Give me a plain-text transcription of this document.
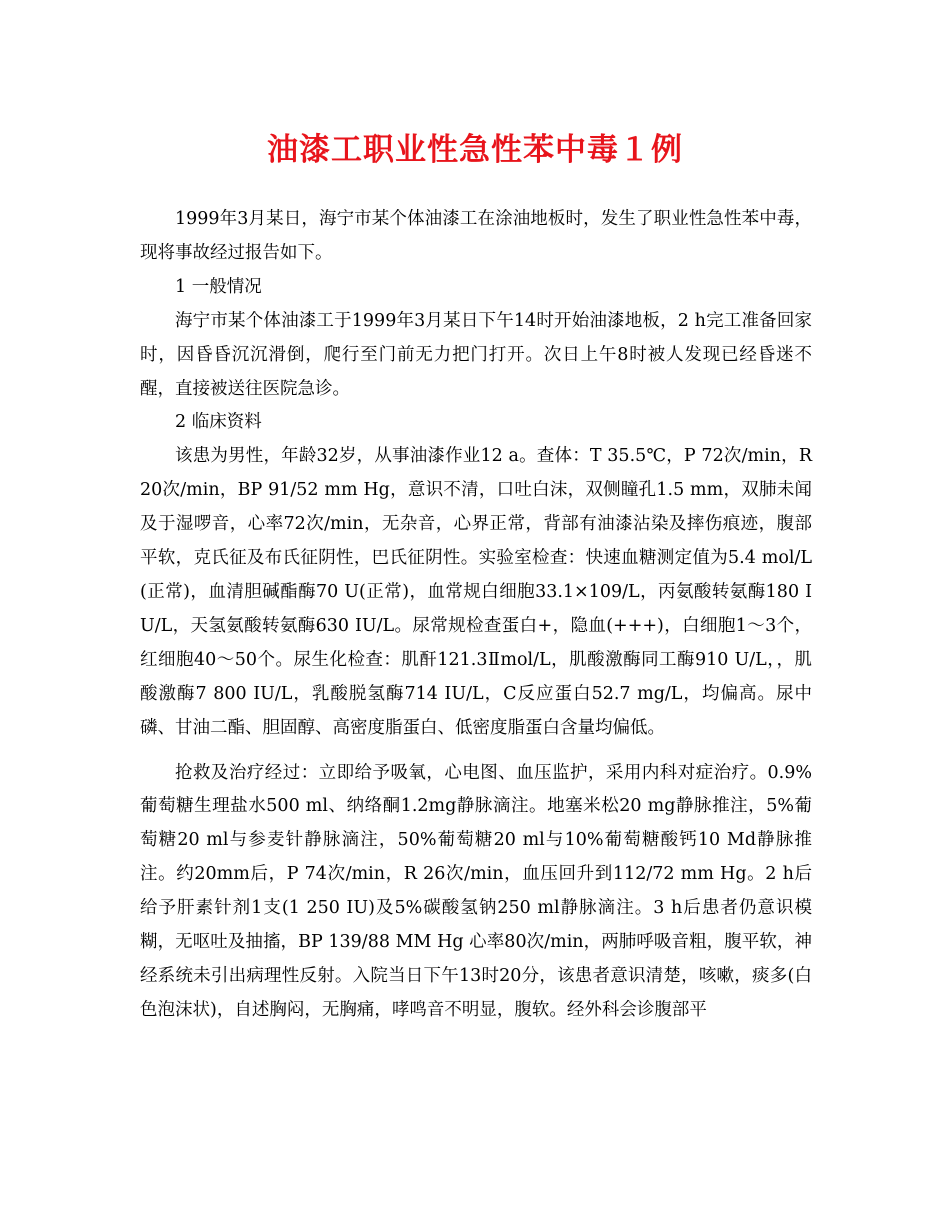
油漆工职业性急性苯中毒１例

1999年3月某日，海宁市某个体油漆工在涂油地板时，发生了职业性急性苯中毒，现将事故经过报告如下。

1 一般情况

海宁市某个体油漆工于1999年3月某日下午14时开始油漆地板，2 h完工准备回家时，因昏昏沉沉滑倒，爬行至门前无力把门打开。次日上午8时被人发现已经昏迷不醒，直接被送往医院急诊。

2 临床资料

该患为男性，年龄32岁，从事油漆作业12 a。查体：T 35.5℃，P 72次/min，R 20次/min，BP 91/52 mm Hg，意识不清，口吐白沫，双侧瞳孔1.5 mm，双肺未闻及于湿啰音，心率72次/min，无杂音，心界正常，背部有油漆沾染及摔伤痕迹，腹部平软，克氏征及布氏征阴性，巴氏征阴性。实验室检查：快速血糖测定值为5.4 mol/L(正常)，血清胆碱酯酶70 U(正常)，血常规白细胞33.1×109/L，丙氨酸转氨酶180 IU/L，天氢氨酸转氨酶630 IU/L。尿常规检查蛋白+，隐血(+++)，白细胞1～3个，红细胞40～50个。尿生化检查：肌酐121.3Ⅱmol/L，肌酸激酶同工酶910 U/L，，肌酸激酶7 800 IU/L，乳酸脱氢酶714 IU/L，C反应蛋白52.7 mg/L，均偏高。尿中磷、甘油二酯、胆固醇、高密度脂蛋白、低密度脂蛋白含量均偏低。

抢救及治疗经过：立即给予吸氧，心电图、血压监护，采用内科对症治疗。0.9%葡萄糖生理盐水500 ml、纳络酮1.2mg静脉滴注。地塞米松20 mg静脉推注，5%葡萄糖20 ml与参麦针静脉滴注，50%葡萄糖20 ml与10%葡萄糖酸钙10 Md静脉推注。约20mm后，P 74次/min，R 26次/min，血压回升到112/72 mm Hg。2 h后给予肝素针剂1支(1 250 IU)及5%碳酸氢钠250 ml静脉滴注。3 h后患者仍意识模糊，无呕吐及抽搐，BP 139/88 MM Hg 心率80次/min，两肺呼吸音粗，腹平软，神经系统未引出病理性反射。入院当日下午13时20分，该患者意识清楚，咳嗽，痰多(白色泡沫状)，自述胸闷，无胸痛，哮鸣音不明显，腹软。经外科会诊腹部平
